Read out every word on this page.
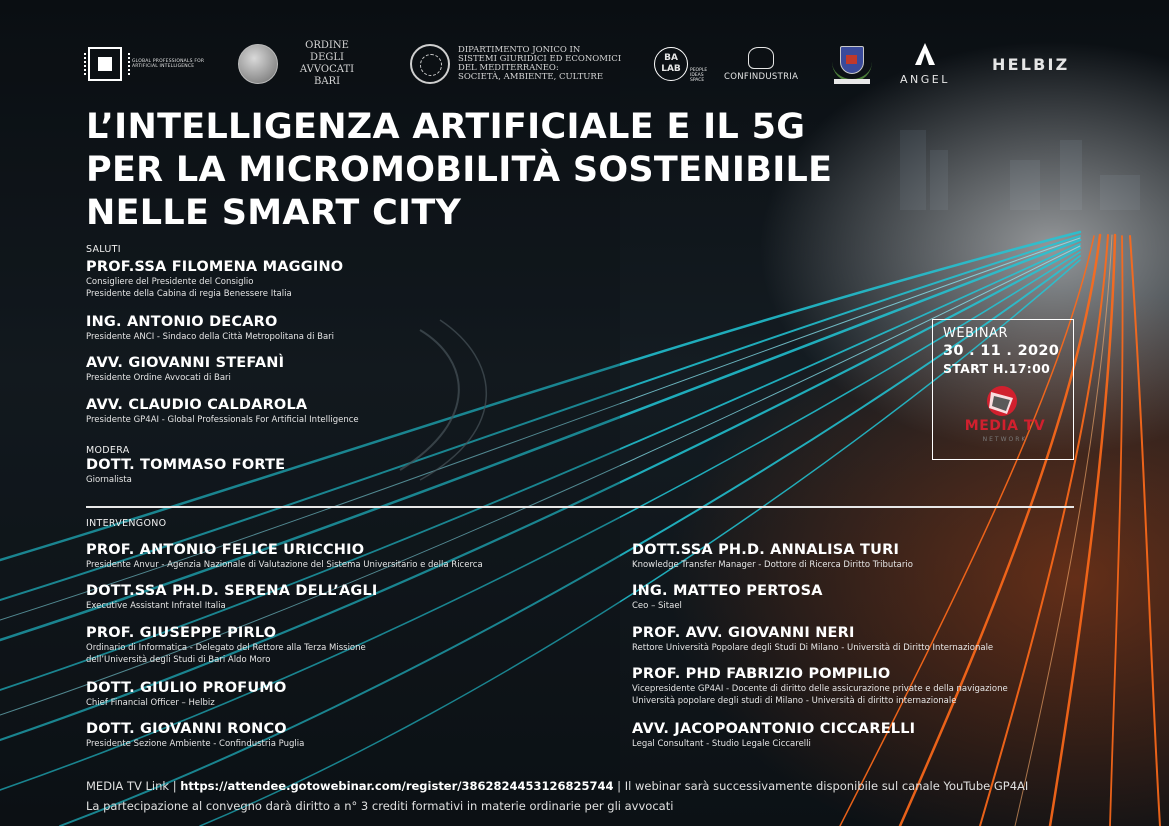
GLOBAL PROFESSIONALS FOR ARTIFICIAL INTELLIGENCE
ORDINE
DEGLI AVVOCATI
BARI
DIPARTIMENTO JONICO IN
SISTEMI GIURIDICI ED ECONOMICI
DEL MEDITERRANEO:
SOCIETÀ, AMBIENTE, CULTURE
BA
LAB	PEOPLE
IDEAS
SPACE	CONFINDUSTRIA	ANGEL
HELBIZ
L’INTELLIGENZA ARTIFICIALE E IL 5G
PER LA MICROMOBILITÀ SOSTENIBILE
NELLE SMART CITY
SALUTI
PROF.SSA FILOMENA MAGGINO
Consigliere del Presidente del Consiglio
Presidente della Cabina di regia Benessere Italia
ING. ANTONIO DECARO
Presidente ANCI - Sindaco della Città Metropolitana di Bari
AVV. GIOVANNI STEFANÌ
Presidente Ordine Avvocati di Bari
AVV. CLAUDIO CALDAROLA
Presidente GP4AI - Global Professionals For Artificial Intelligence
MODERA
DOTT. TOMMASO FORTE
Giornalista
WEBINAR
30 . 11 . 2020
START H.17:00
MEDIA TV
NETWORK
INTERVENGONO
PROF. ANTONIO FELICE URICCHIO
Presidente Anvur - Agenzia Nazionale di Valutazione del Sistema Universitario e della Ricerca
DOTT.SSA PH.D. SERENA DELL’AGLI
Executive Assistant Infratel Italia
PROF. GIUSEPPE PIRLO
Ordinario di Informatica - Delegato del Rettore alla Terza Missione
dell’Università degli Studi di Bari Aldo Moro
DOTT. GIULIO PROFUMO
Chief Financial Officer – Helbiz
DOTT. GIOVANNI RONCO
Presidente Sezione Ambiente - Confindustria Puglia
DOTT.SSA PH.D. ANNALISA TURI
Knowledge Transfer Manager - Dottore di Ricerca Diritto Tributario
ING. MATTEO PERTOSA
Ceo – Sitael
PROF. AVV. GIOVANNI NERI
Rettore Università Popolare degli Studi Di Milano - Università di Diritto Internazionale
PROF. PHD FABRIZIO POMPILIO
Vicepresidente GP4AI - Docente di diritto delle assicurazione private e della navigazione
Università popolare degli studi di Milano - Università di diritto internazionale
AVV. JACOPOANTONIO CICCARELLI
Legal Consultant - Studio Legale Ciccarelli
MEDIA TV Link | https://attendee.gotowebinar.com/register/3862824453126825744 | Il webinar sarà successivamente disponibile sul canale YouTube GP4AI
La partecipazione al convegno darà diritto a n° 3 crediti formativi in materie ordinarie per gli avvocati
